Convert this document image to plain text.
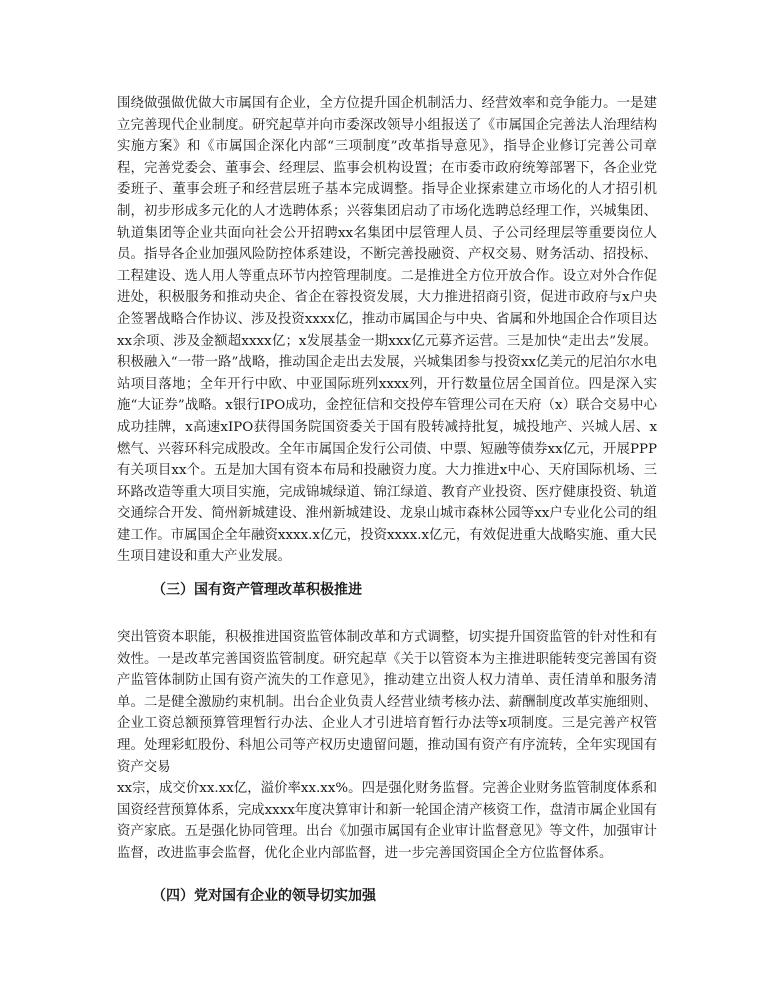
围绕做强做优做大市属国有企业，全方位提升国企机制活力、经营效率和竞争能力。一是建立完善现代企业制度。研究起草并向市委深改领导小组报送了《市属国企完善法人治理结构实施方案》和《市属国企深化内部“三项制度”改革指导意见》，指导企业修订完善公司章程，完善党委会、董事会、经理层、监事会机构设置；在市委市政府统筹部署下，各企业党委班子、董事会班子和经营层班子基本完成调整。指导企业探索建立市场化的人才招引机制，初步形成多元化的人才选聘体系；兴蓉集团启动了市场化选聘总经理工作，兴城集团、轨道集团等企业共面向社会公开招聘xx名集团中层管理人员、子公司经理层等重要岗位人员。指导各企业加强风险防控体系建设，不断完善投融资、产权交易、财务活动、招投标、工程建设、选人用人等重点环节内控管理制度。二是推进全方位开放合作。设立对外合作促进处，积极服务和推动央企、省企在蓉投资发展，大力推进招商引资，促进市政府与x户央企签署战略合作协议、涉及投资xxxx亿，推动市属国企与中央、省属和外地国企合作项目达xx余项、涉及金额超xxxx亿；x发展基金一期xxx亿元募齐运营。三是加快“走出去”发展。积极融入“一带一路”战略，推动国企走出去发展，兴城集团参与投资xx亿美元的尼泊尔水电站项目落地；全年开行中欧、中亚国际班列xxxx列，开行数量位居全国首位。四是深入实施“大证券”战略。x银行IPO成功，金控征信和交投停车管理公司在天府（x）联合交易中心成功挂牌，x高速xIPO获得国务院国资委关于国有股转减持批复，城投地产、兴城人居、x燃气、兴蓉环科完成股改。全年市属国企发行公司债、中票、短融等债券xx亿元，开展PPP有关项目xx个。五是加大国有资本布局和投融资力度。大力推进x中心、天府国际机场、三环路改造等重大项目实施，完成锦城绿道、锦江绿道、教育产业投资、医疗健康投资、轨道交通综合开发、简州新城建设、淮州新城建设、龙泉山城市森林公园等xx户专业化公司的组建工作。市属国企全年融资xxxx.x亿元，投资xxxx.x亿元，有效促进重大战略实施、重大民生项目建设和重大产业发展。

（三）国有资产管理改革积极推进
突出管资本职能，积极推进国资监管体制改革和方式调整，切实提升国资监管的针对性和有效性。一是改革完善国资监管制度。研究起草《关于以管资本为主推进职能转变完善国有资产监管体制防止国有资产流失的工作意见》，推动建立出资人权力清单、责任清单和服务清单。二是健全激励约束机制。出台企业负责人经营业绩考核办法、薪酬制度改革实施细则、企业工资总额预算管理暂行办法、企业人才引进培育暂行办法等x项制度。三是完善产权管理。处理彩虹股份、科旭公司等产权历史遗留问题，推动国有资产有序流转，全年实现国有资产交易
xx宗，成交价xx.xx亿，溢价率xx.xx%。四是强化财务监督。完善企业财务监管制度体系和国资经营预算体系，完成xxxx年度决算审计和新一轮国企清产核资工作，盘清市属企业国有资产家底。五是强化协同管理。出台《加强市属国有企业审计监督意见》等文件，加强审计监督，改进监事会监督，优化企业内部监督，进一步完善国资国企全方位监督体系。
（四）党对国有企业的领导切实加强
